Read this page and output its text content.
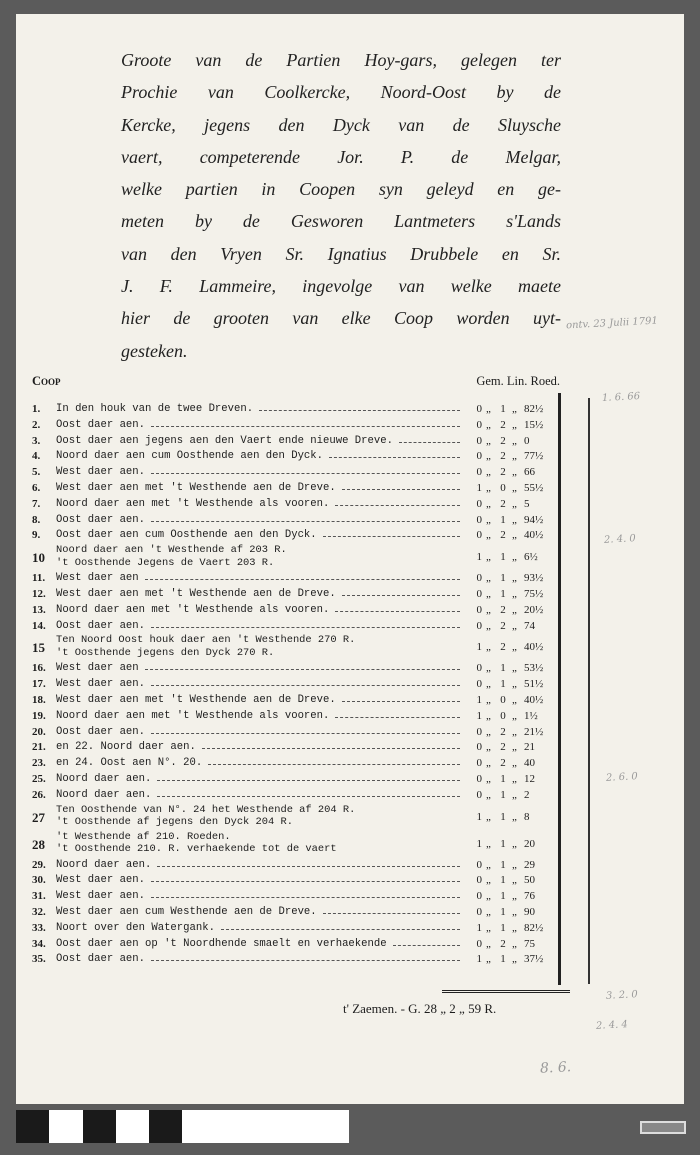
Groote van de Partien Hoy-gars, gelegen ter
Prochie van Coolkercke, Noord-Oost by de
Kercke, jegens den Dyck van de Sluysche
vaert, competerende Jor. P. de Melgar,
welke partien in Coopen syn geleyd en ge-
meten by de Gesworen Lantmeters s'Lands
van den Vryen Sr. Ignatius Drubbele en Sr.
J. F. Lammeire, ingevolge van welke maete
hier de grooten van elke Coop worden uyt-
gesteken.
Coop	Gem. Lin. Roed.
1.	In den houk van de twee Dreven.	0 „ 1 „ 82½
2.	Oost daer aen.	0 „ 2 „ 15½
3.	Oost daer aen jegens aen den Vaert ende nieuwe Dreve.	0 „ 2 „ 0
4.	Noord daer aen cum Oosthende aen den Dyck.	0 „ 2 „ 77½
5.	West daer aen.	0 „ 2 „ 66
6.	West daer aen met 't Westhende aen de Dreve.	1 „ 0 „ 55½
7.	Noord daer aen met 't Westhende als vooren.	0 „ 2 „ 5
8.	Oost daer aen.	0 „ 1 „ 94½
9.	Oost daer aen cum Oosthende aen den Dyck.	0 „ 2 „ 40½
10	Noord daer aen 't Westhende af 203 R.
't Oosthende Jegens de Vaert 203 R.	1 „ 1 „ 6½
11.	West daer aen	0 „ 1 „ 93½
12. West daer aen met 't Westhende aen de Dreve.	0 „ 1 „ 75½
13. Noord daer aen met 't Westhende als vooren.	0 „ 2 „ 20½
14. Oost daer aen.	0 „ 2 „ 74
15	Ten Noord Oost houk daer aen 't Westhende 270 R.
't Oosthende jegens den Dyck 270 R.	1 „ 2 „ 40½
16. West daer aen	0 „ 1 „ 53½
17. West daer aen.	0 „ 1 „ 51½
18. West daer aen met 't Westhende aen de Dreve.	1 „ 0 „ 40½
19. Noord daer aen met 't Westhende als vooren.	1 „ 0 „ 1½
20. Oost daer aen.	0 „ 2 „ 21½
21. en 22. Noord daer aen.	0 „ 2 „ 21
23. en 24. Oost aen N°. 20.	0 „ 2 „ 40
25. Noord daer aen.	0 „ 1 „ 12
26. Noord daer aen.	0 „ 1 „ 2
27	Ten Oosthende van N°. 24 het Westhende af 204 R.
't Oosthende af jegens den Dyck 204 R.	1 „ 1 „ 8
28	't Westhende af 210. Roeden.
't Oosthende 210. R. verhaekende tot de vaert	1 „ 1 „ 20
29. Noord daer aen.	0 „ 1 „ 29
30. West daer aen.	0 „ 1 „ 50
31. West daer aen.	0 „ 1 „ 76
32. West daer aen cum Westhende aen de Dreve.	0 „ 1 „ 90
33. Noort over den Watergank.	1 „ 1 „ 82½
34. Oost daer aen op 't Noordhende smaelt en verhaekende	0 „ 2 „ 75
35. Oost daer aen.	1 „ 1 „ 37½
t' Zaemen. - G. 28 „ 2 „ 59 R.
ontv. 23 Julii 1791
1. 6. 66
2. 4. 0
2. 6. 0
3. 2. 0
2. 4. 4
8. 6.
